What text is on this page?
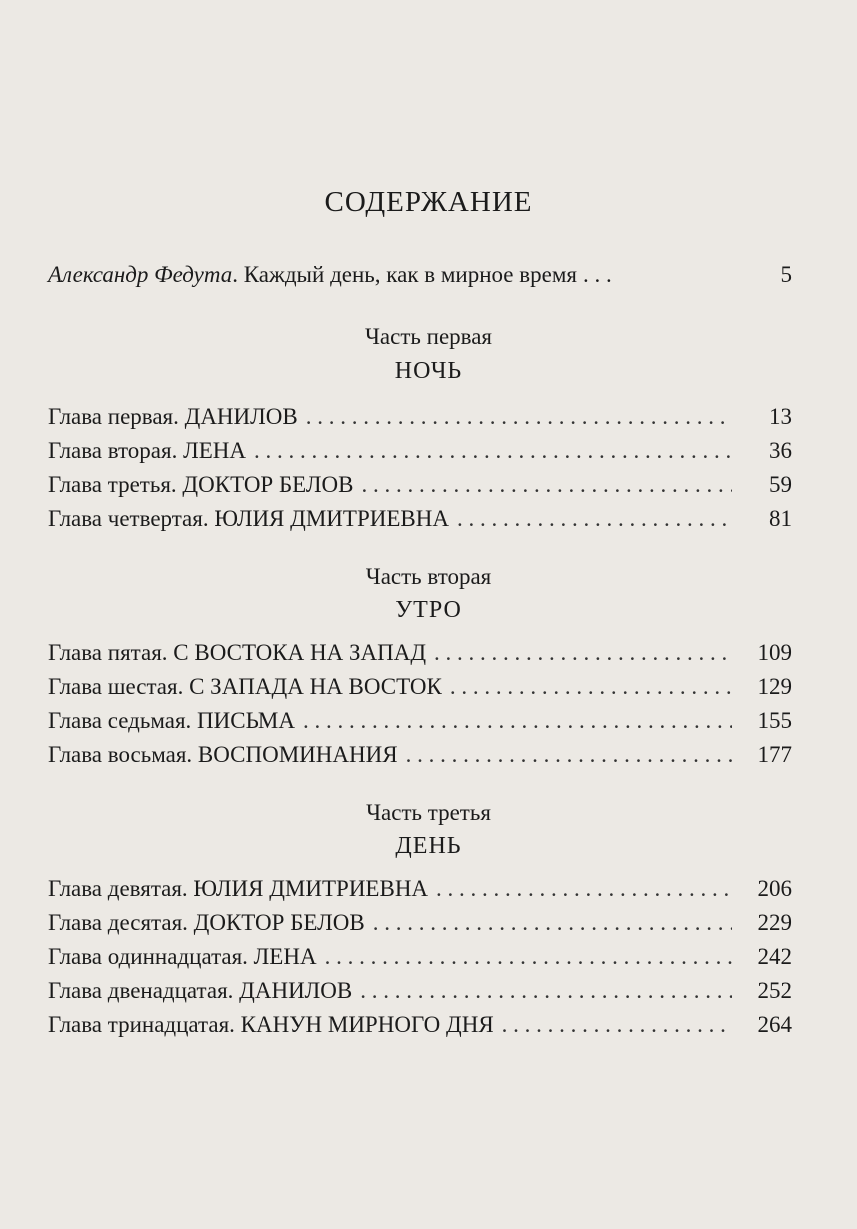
СОДЕРЖАНИЕ
Александр Федута. Каждый день, как в мирное время . . .	5
Часть первая
НОЧЬ
Глава первая. ДАНИЛОВ . . .	13
Глава вторая. ЛЕНА . . .	36
Глава третья. ДОКТОР БЕЛОВ . . .	59
Глава четвертая. ЮЛИЯ ДМИТРИЕВНА . . .	81
Часть вторая
УТРО
Глава пятая. С ВОСТОКА НА ЗАПАД . . .	109
Глава шестая. С ЗАПАДА НА ВОСТОК . . .	129
Глава седьмая. ПИСЬМА . . .	155
Глава восьмая. ВОСПОМИНАНИЯ . . .	177
Часть третья
ДЕНЬ
Глава девятая. ЮЛИЯ ДМИТРИЕВНА . . .	206
Глава десятая. ДОКТОР БЕЛОВ . . .	229
Глава одиннадцатая. ЛЕНА . . .	242
Глава двенадцатая. ДАНИЛОВ . . .	252
Глава тринадцатая. КАНУН МИРНОГО ДНЯ . . .	264
